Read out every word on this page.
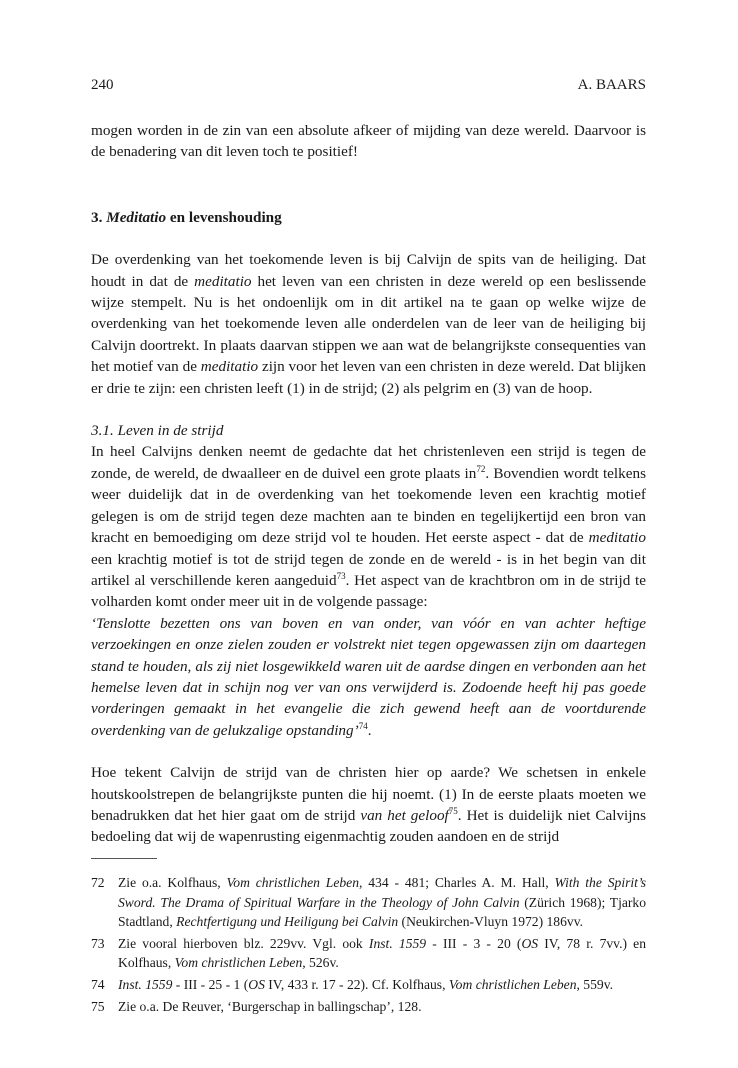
240	A. BAARS

mogen worden in de zin van een absolute afkeer of mijding van deze wereld. Daarvoor is de benadering van dit leven toch te positief!

3. Meditatio en levenshouding

De overdenking van het toekomende leven is bij Calvijn de spits van de heiliging. Dat houdt in dat de meditatio het leven van een christen in deze wereld op een beslissende wijze stempelt. Nu is het ondoenlijk om in dit artikel na te gaan op welke wijze de overdenking van het toekomende leven alle onderdelen van de leer van de heiliging bij Calvijn doortrekt. In plaats daarvan stippen we aan wat de belangrijkste consequenties van het motief van de meditatio zijn voor het leven van een christen in deze wereld. Dat blijken er drie te zijn: een christen leeft (1) in de strijd; (2) als pelgrim en (3) van de hoop.

3.1. Leven in de strijd

In heel Calvijns denken neemt de gedachte dat het christenleven een strijd is tegen de zonde, de wereld, de dwaalleer en de duivel een grote plaats $in^{72}$. Bovendien wordt telkens weer duidelijk dat in de overdenking van het toekomende leven een krachtig motief gelegen is om de strijd tegen deze machten aan te binden en tegelijkertijd een bron van kracht en bemoediging om deze strijd vol te houden. Het eerste aspect - dat de meditatio een krachtig motief is tot de strijd tegen de zonde en de wereld - is in het begin van dit artikel al verschillende keren aangeduid$^{73}$. Het aspect van de krachtbron om in de strijd te volharden komt onder meer uit in de volgende passage:

‘Tenslotte bezetten ons van boven en van onder, van vóór en van achter heftige verzoekingen en onze zielen zouden er volstrekt niet tegen opgewassen zijn om daartegen stand te houden, als zij niet losgewikkeld waren uit de aardse dingen en verbonden aan het hemelse leven dat in schijn nog ver van ons verwijderd is. Zodoende heeft hij pas goede vorderingen gemaakt in het evangelie die zich gewend heeft aan de voortdurende overdenking van de gelukzalige opstanding’$^{74}$.

Hoe tekent Calvijn de strijd van de christen hier op aarde? We schetsen in enkele houtskoolstrepen de belangrijkste punten die hij noemt. (1) In de eerste plaats moeten we benadrukken dat het hier gaat om de strijd van het geloof$^{75}$. Het is duidelijk niet Calvijns bedoeling dat wij de wapenrusting eigenmachtig zouden aandoen en de strijd

72 Zie o.a. Kolfhaus, Vom christlichen Leben, 434 - 481; Charles A. M. Hall, With the Spirit’s Sword. The Drama of Spiritual Warfare in the Theology of John Calvin (Zürich 1968); Tjarko Stadtland, Rechtfertigung und Heiligung bei Calvin (Neukirchen-Vluyn 1972) 186vv.
73 Zie vooral hierboven blz. 229vv. Vgl. ook Inst. 1559 - III - 3 - 20 (OS IV, 78 r. 7vv.) en Kolfhaus, Vom christlichen Leben, 526v.
74 Inst. 1559 - III - 25 - 1 (OS IV, 433 r. 17 - 22). Cf. Kolfhaus, Vom christlichen Leben, 559v.
75 Zie o.a. De Reuver, ‘Burgerschap in ballingschap’, 128.
